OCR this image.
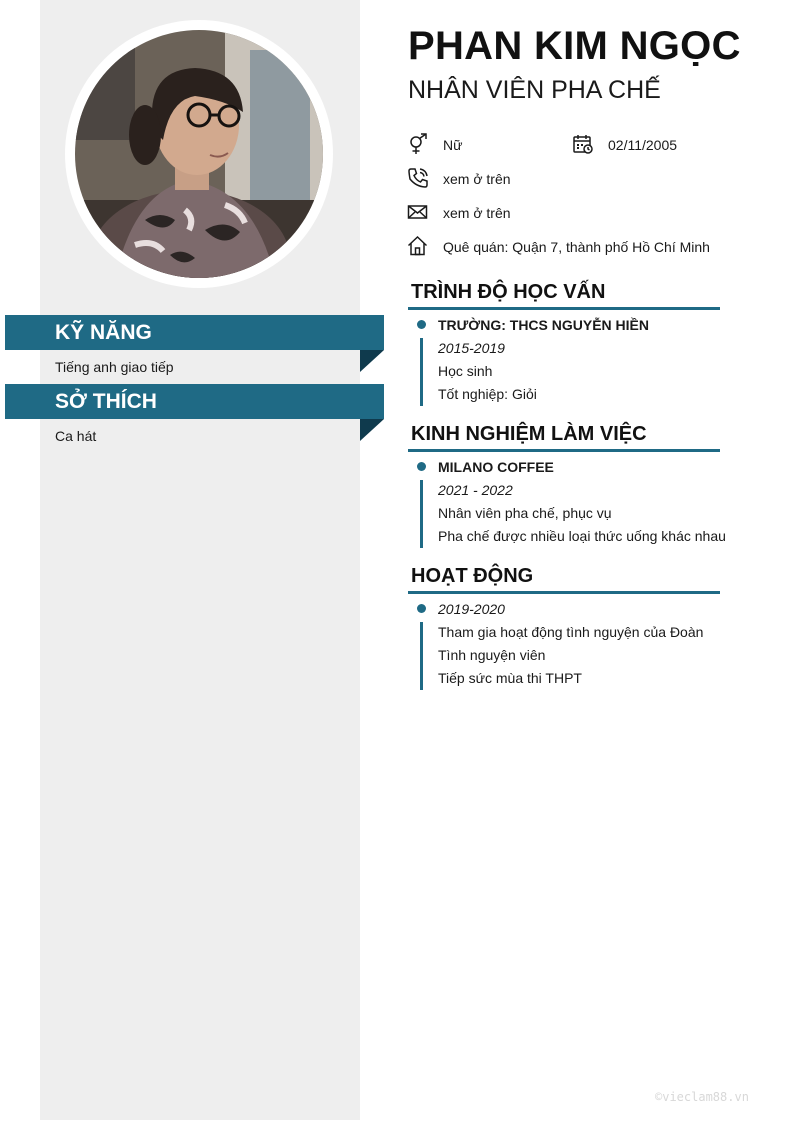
KỸ NĂNG
Tiếng anh giao tiếp
SỞ THÍCH
Ca hát
PHAN KIM NGỌC
NHÂN VIÊN PHA CHẾ
Nữ	02/11/2005
xem ở trên
xem ở trên
Quê quán: Quận 7, thành phố Hồ Chí Minh
TRÌNH ĐỘ HỌC VẤN
TRƯỜNG: THCS NGUYỄN HIỀN
2015-2019
Học sinh
Tốt nghiệp: Giỏi
KINH NGHIỆM LÀM VIỆC
MILANO COFFEE
2021 - 2022
Nhân viên pha chế, phục vụ
Pha chế được nhiều loại thức uống khác nhau
HOẠT ĐỘNG
2019-2020
Tham gia hoạt động tình nguyện của Đoàn
Tình nguyện viên
Tiếp sức mùa thi THPT
©vieclam88.vn
